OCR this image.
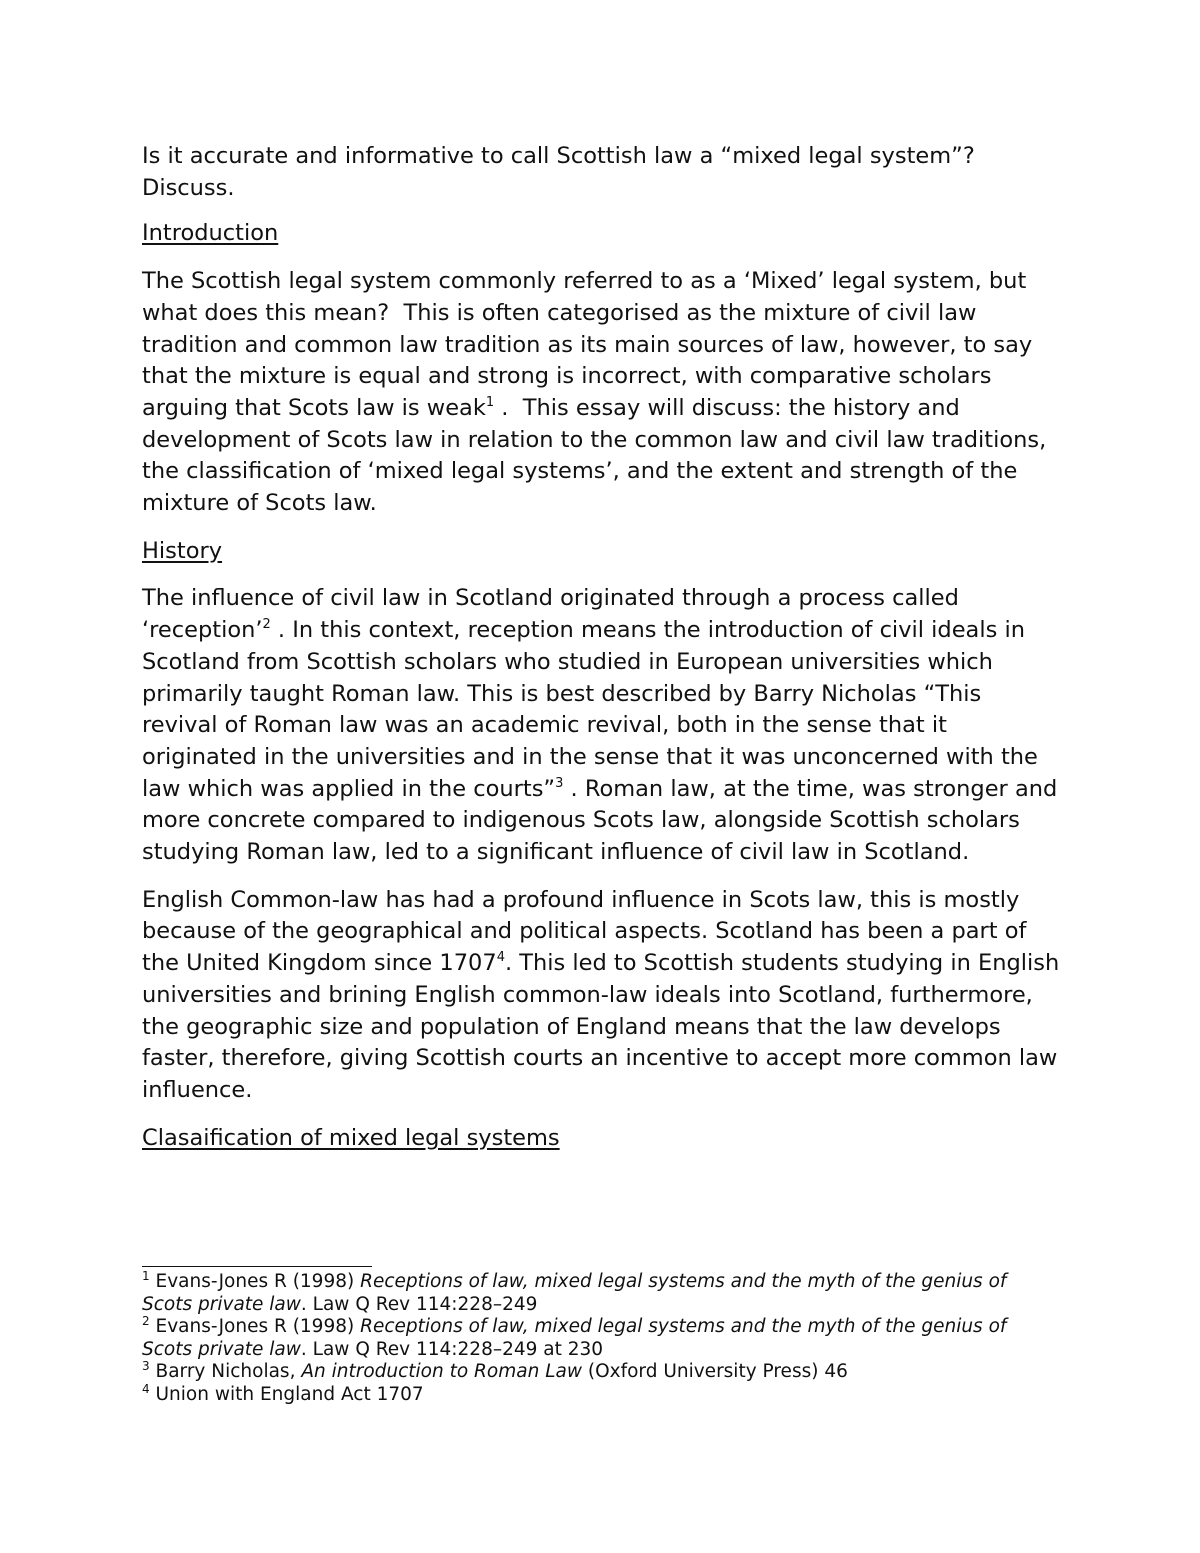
Is it accurate and informative to call Scottish law a “mixed legal system”?
Discuss.

Introduction

The Scottish legal system commonly referred to as a ‘Mixed’ legal system, but what does this mean?  This is often categorised as the mixture of civil law tradition and common law tradition as its main sources of law, however, to say that the mixture is equal and strong is incorrect, with comparative scholars arguing that Scots law is weak$^1$ .  This essay will discuss: the history and development of Scots law in relation to the common law and civil law traditions, the classification of ‘mixed legal systems’, and the extent and strength of the mixture of Scots law.

History

The influence of civil law in Scotland originated through a process called ‘reception’$^2$ . In this context, reception means the introduction of civil ideals in Scotland from Scottish scholars who studied in European universities which primarily taught Roman law. This is best described by Barry Nicholas “This revival of Roman law was an academic revival, both in the sense that it originated in the universities and in the sense that it was unconcerned with the law which was applied in the courts”$^3$ . Roman law, at the time, was stronger and more concrete compared to indigenous Scots law, alongside Scottish scholars studying Roman law, led to a significant influence of civil law in Scotland.

English Common-law has had a profound influence in Scots law, this is mostly because of the geographical and political aspects. Scotland has been a part of the United Kingdom since 1707$^4$. This led to Scottish students studying in English universities and brining English common-law ideals into Scotland, furthermore, the geographic size and population of England means that the law develops faster, therefore, giving Scottish courts an incentive to accept more common law influence.

Clasaification of mixed legal systems

$^1$ Evans-Jones R (1998) Receptions of law, mixed legal systems and the myth of the genius of Scots private law. Law Q Rev 114:228–249

$^2$ Evans-Jones R (1998) Receptions of law, mixed legal systems and the myth of the genius of Scots private law. Law Q Rev 114:228–249 at 230

$^3$ Barry Nicholas, An introduction to Roman Law (Oxford University Press) 46

$^4$ Union with England Act 1707
